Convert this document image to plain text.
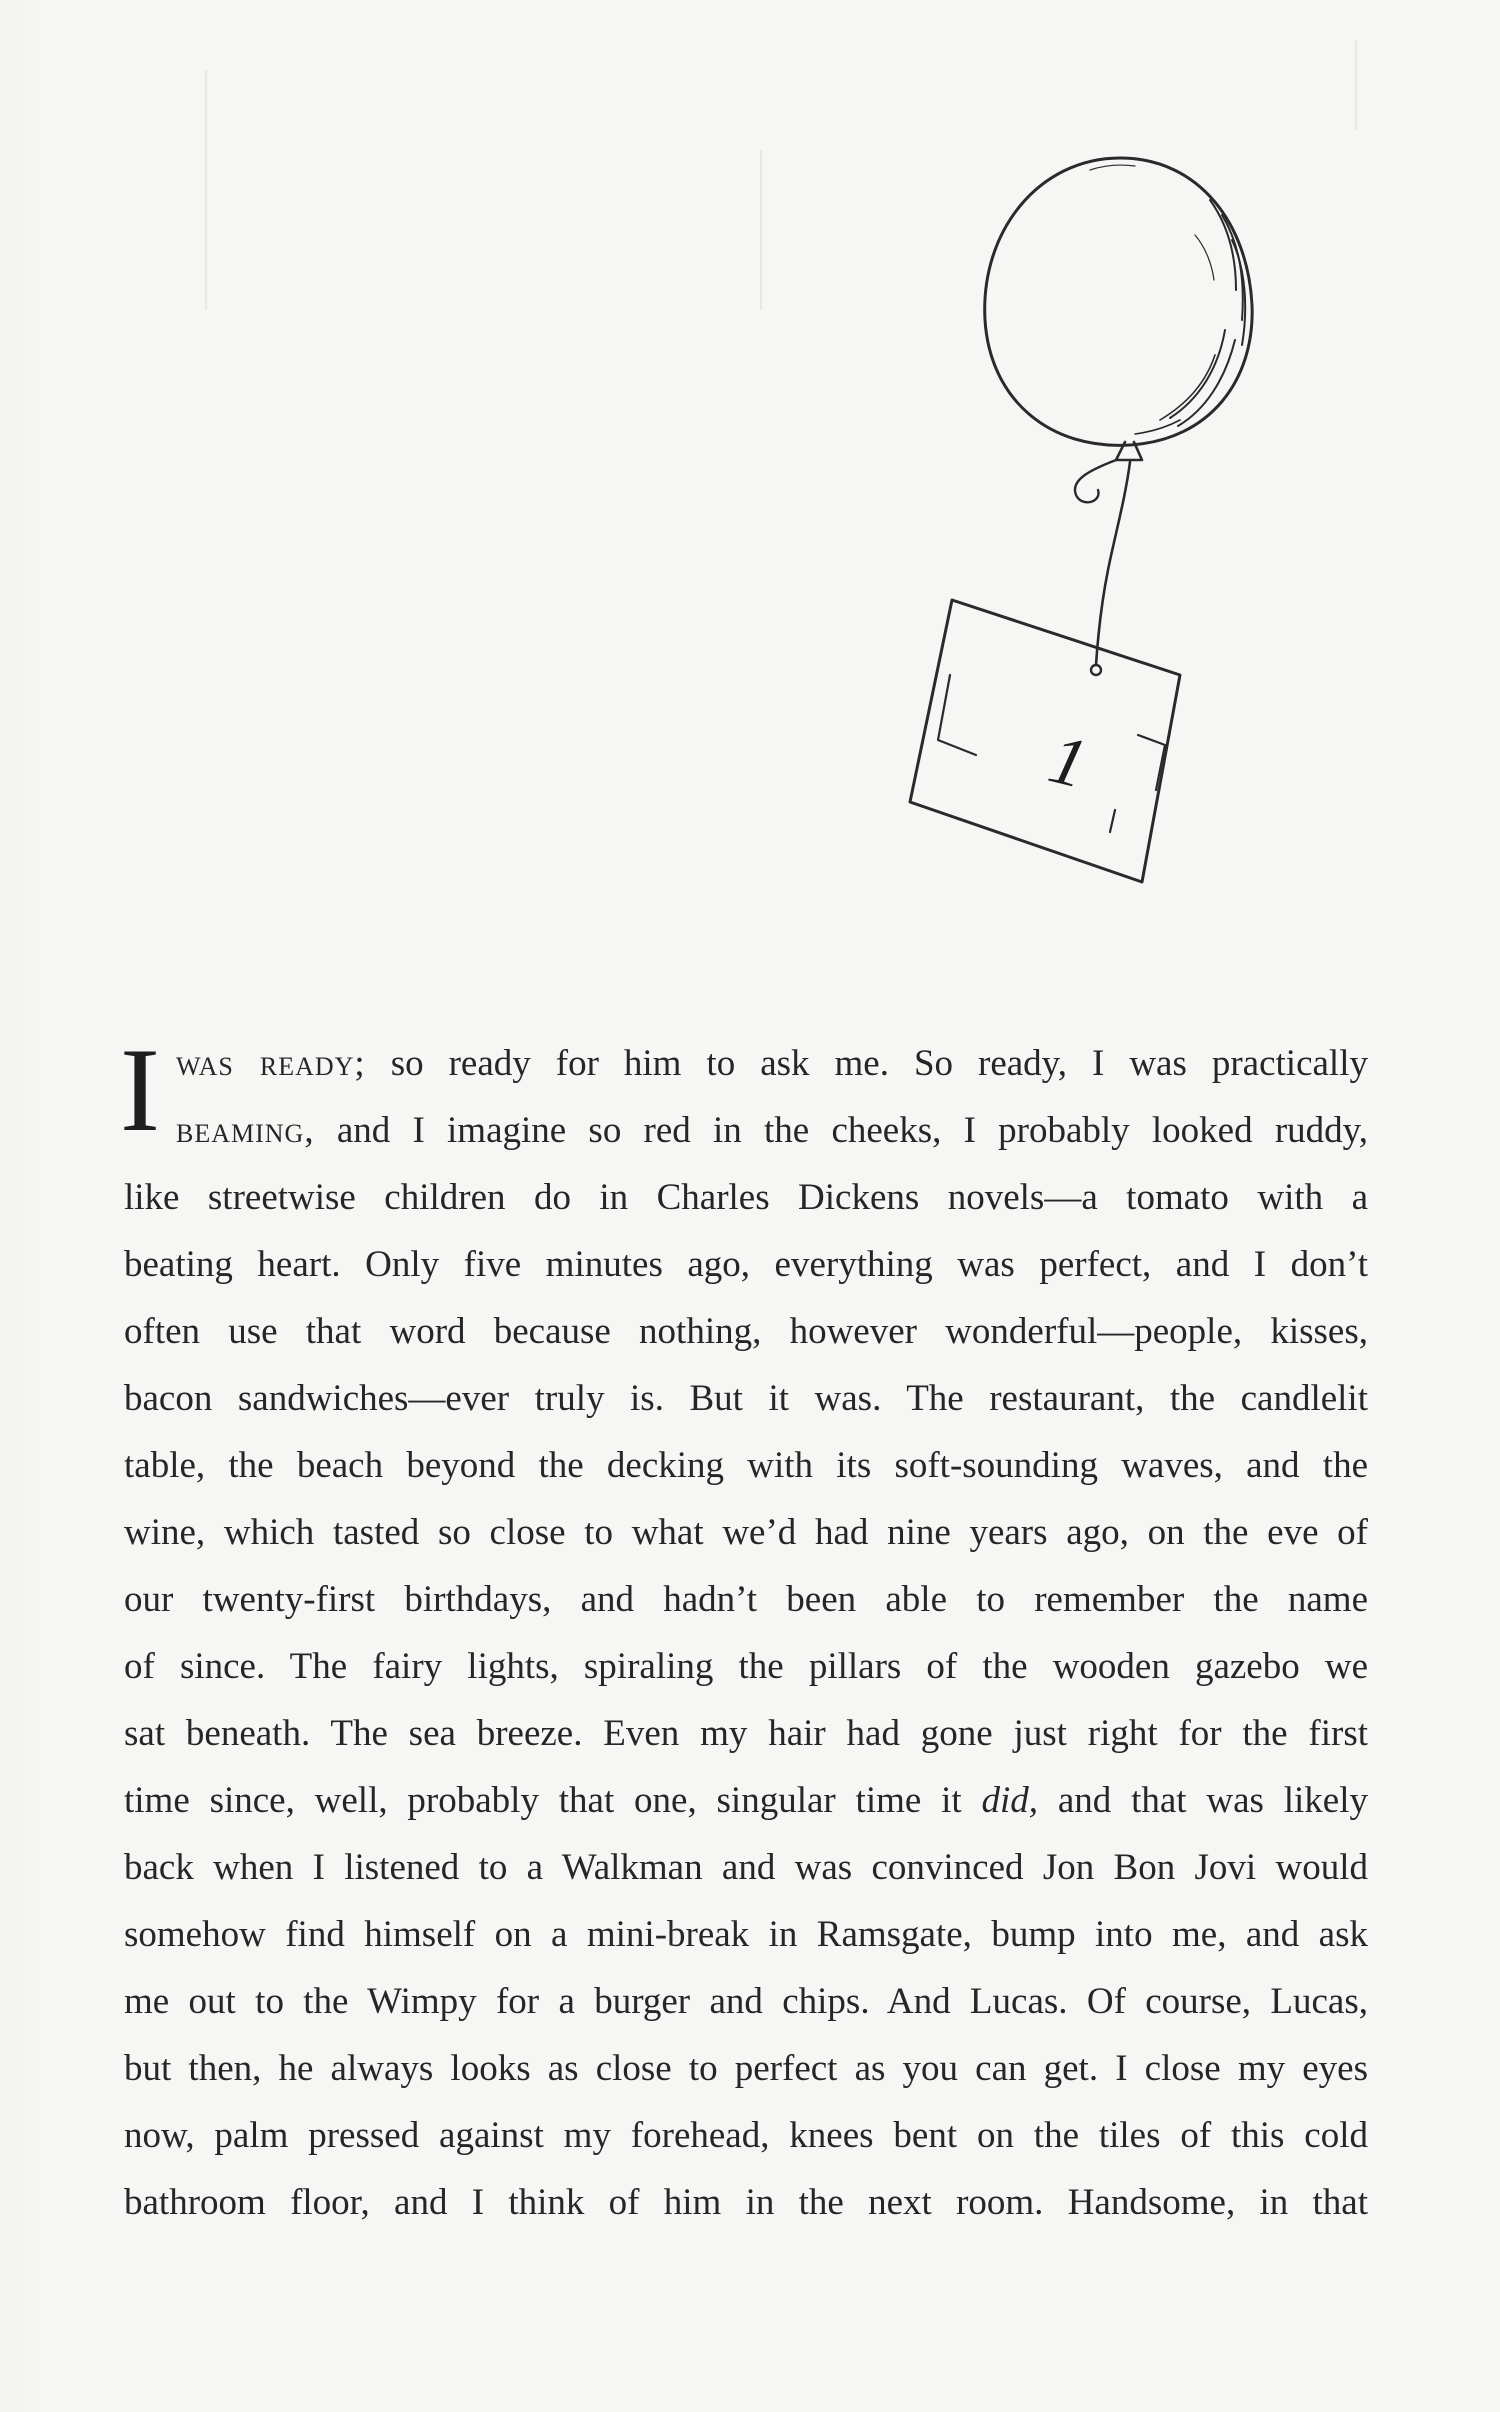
1
I was ready; so ready for him to ask me. So ready, I was practically
beaming, and I imagine so red in the cheeks, I probably looked ruddy,
like streetwise children do in Charles Dickens novels—a tomato with a
beating heart. Only five minutes ago, everything was perfect, and I don’t
often use that word because nothing, however wonderful—people, kisses,
bacon sandwiches—ever truly is. But it was. The restaurant, the candlelit
table, the beach beyond the decking with its soft-sounding waves, and the
wine, which tasted so close to what we’d had nine years ago, on the eve of
our twenty-first birthdays, and hadn’t been able to remember the name
of since. The fairy lights, spiraling the pillars of the wooden gazebo we
sat beneath. The sea breeze. Even my hair had gone just right for the first
time since, well, probably that one, singular time it did, and that was likely
back when I listened to a Walkman and was convinced Jon Bon Jovi would
somehow find himself on a mini-break in Ramsgate, bump into me, and ask
me out to the Wimpy for a burger and chips. And Lucas. Of course, Lucas,
but then, he always looks as close to perfect as you can get. I close my eyes
now, palm pressed against my forehead, knees bent on the tiles of this cold
bathroom floor, and I think of him in the next room. Handsome, in that
